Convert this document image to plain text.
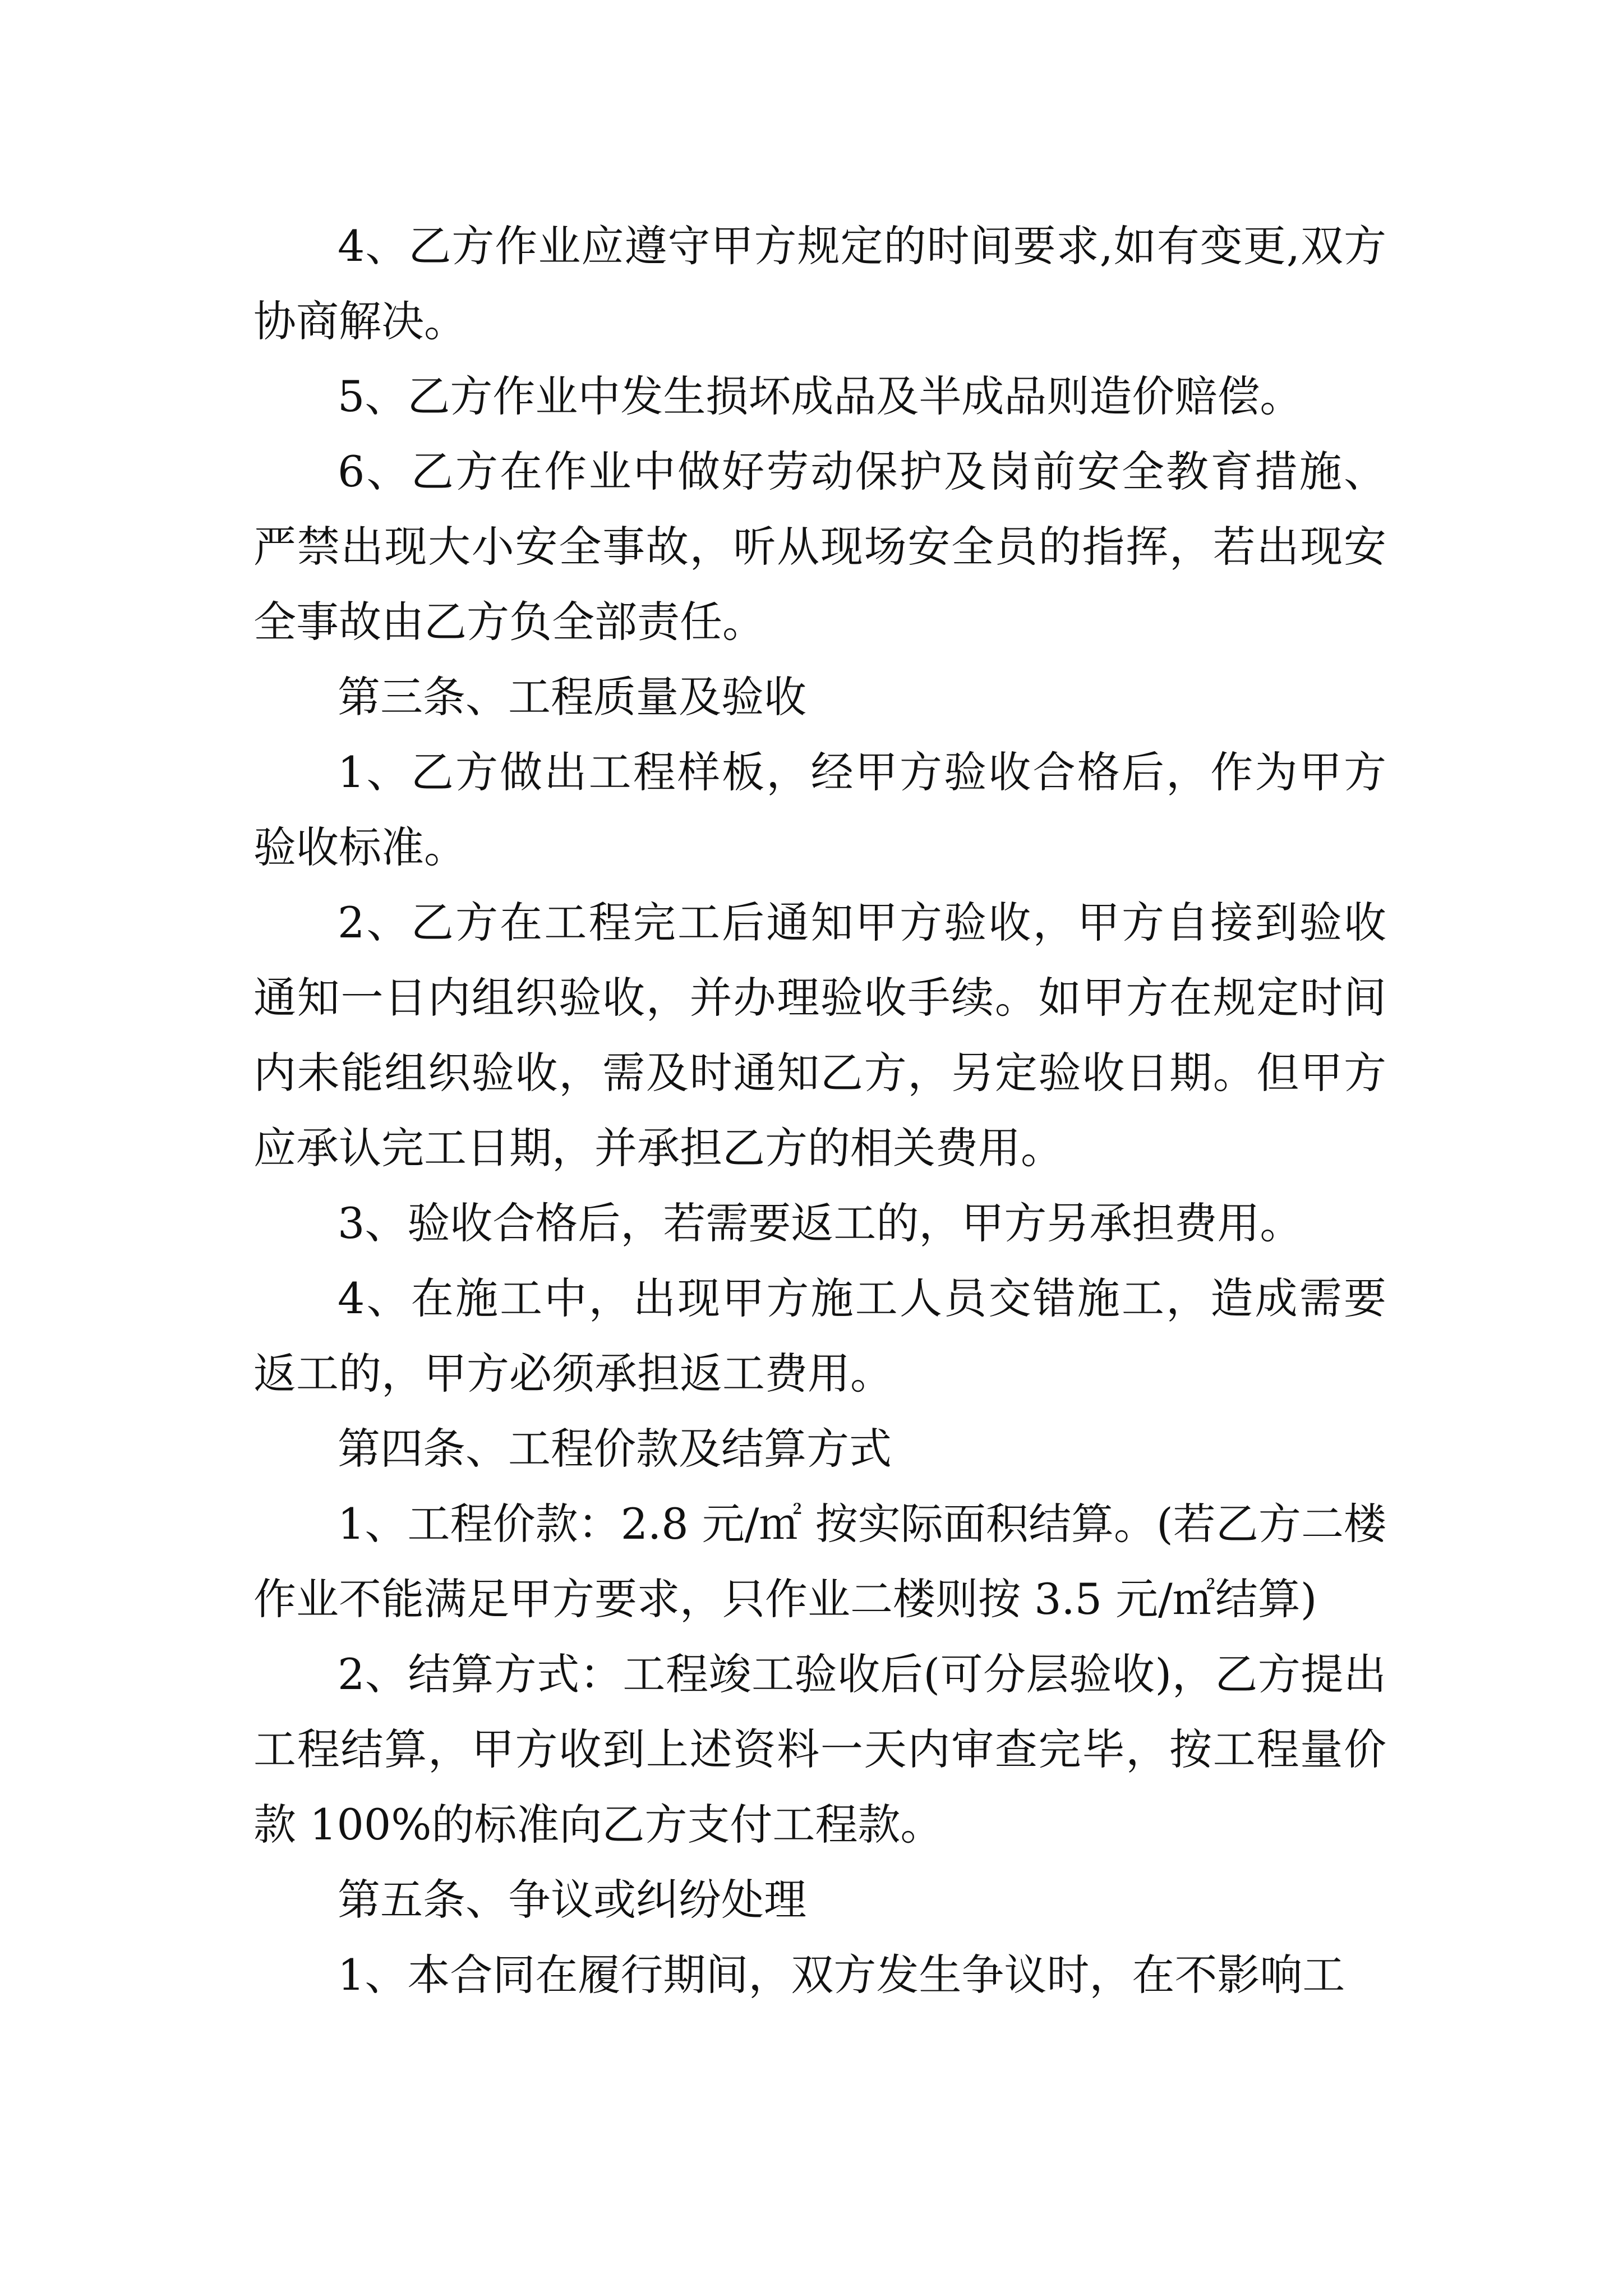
4、乙方作业应遵守甲方规定的时间要求,如有变更,双方协商解决。

5、乙方作业中发生损坏成品及半成品则造价赔偿。

6、乙方在作业中做好劳动保护及岗前安全教育措施、严禁出现大小安全事故，听从现场安全员的指挥，若出现安全事故由乙方负全部责任。

第三条、工程质量及验收

1、乙方做出工程样板，经甲方验收合格后，作为甲方验收标准。

2、乙方在工程完工后通知甲方验收，甲方自接到验收通知一日内组织验收，并办理验收手续。如甲方在规定时间内未能组织验收，需及时通知乙方，另定验收日期。但甲方应承认完工日期，并承担乙方的相关费用。

3、验收合格后，若需要返工的，甲方另承担费用。

4、在施工中，出现甲方施工人员交错施工，造成需要返工的，甲方必须承担返工费用。

第四条、工程价款及结算方式

1、工程价款：2.8 元/㎡ 按实际面积结算。(若乙方二楼作业不能满足甲方要求，只作业二楼则按 3.5 元/㎡结算)

2、结算方式：工程竣工验收后(可分层验收)，乙方提出工程结算，甲方收到上述资料一天内审查完毕，按工程量价款 100%的标准向乙方支付工程款。

第五条、争议或纠纷处理

1、本合同在履行期间，双方发生争议时，在不影响工
